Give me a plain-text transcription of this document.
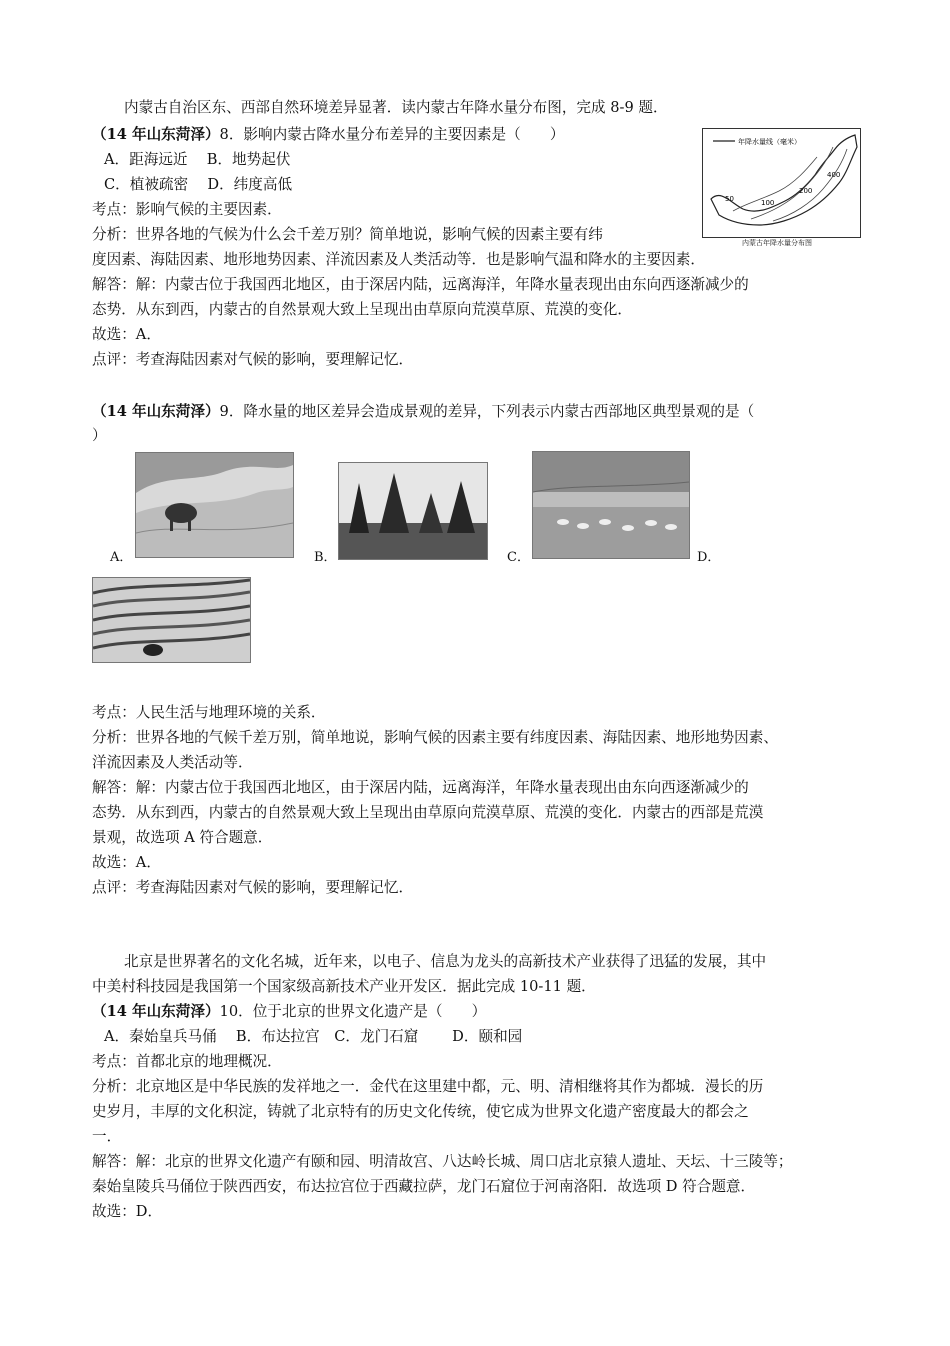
内蒙古自治区东、西部自然环境差异显著．读内蒙古年降水量分布图，完成 8-9 题．
（14 年山东菏泽）8．影响内蒙古降水量分布差异的主要因素是（　　）
A．距海远近　 B．地势起伏
C．植被疏密　 D．纬度高低
考点：影响气候的主要因素．
分析：世界各地的气候为什么会千差万别？简单地说，影响气候的因素主要有纬
度因素、海陆因素、地形地势因素、洋流因素及人类活动等．也是影响气温和降水的主要因素．
解答：解：内蒙古位于我国西北地区，由于深居内陆，远离海洋，年降水量表现出由东向西逐渐减少的
态势．从东到西，内蒙古的自然景观大致上呈现出由草原向荒漠草原、荒漠的变化．
故选：A．
点评：考查海陆因素对气候的影响，要理解记忆．
年降水量线（毫米）
50	100
200
400
内蒙古年降水量分布图
（14 年山东菏泽）9．降水量的地区差异会造成景观的差异，下列表示内蒙古西部地区典型景观的是（
）
A．	B．	C．	D．
考点：人民生活与地理环境的关系．
分析：世界各地的气候千差万别，简单地说，影响气候的因素主要有纬度因素、海陆因素、地形地势因素、
洋流因素及人类活动等．
解答：解：内蒙古位于我国西北地区，由于深居内陆，远离海洋，年降水量表现出由东向西逐渐减少的
态势．从东到西，内蒙古的自然景观大致上呈现出由草原向荒漠草原、荒漠的变化．内蒙古的西部是荒漠
景观，故选项 A 符合题意．
故选：A．
点评：考查海陆因素对气候的影响，要理解记忆．
北京是世界著名的文化名城，近年来，以电子、信息为龙头的高新技术产业获得了迅猛的发展，其中
中美村科技园是我国第一个国家级高新技术产业开发区．据此完成 10-11 题．
（14 年山东菏泽）10．位于北京的世界文化遗产是（　　）
A．秦始皇兵马俑　 B．布达拉宫　C．龙门石窟　　 D．颐和园
考点：首都北京的地理概况．
分析：北京地区是中华民族的发祥地之一．金代在这里建中都，元、明、清相继将其作为都城．漫长的历
史岁月，丰厚的文化积淀，铸就了北京特有的历史文化传统，使它成为世界文化遗产密度最大的都会之
一．
解答：解：北京的世界文化遗产有颐和园、明清故宫、八达岭长城、周口店北京猿人遗址、天坛、十三陵等；
秦始皇陵兵马俑位于陕西西安，布达拉宫位于西藏拉萨，龙门石窟位于河南洛阳．故选项 D 符合题意．
故选：D．
